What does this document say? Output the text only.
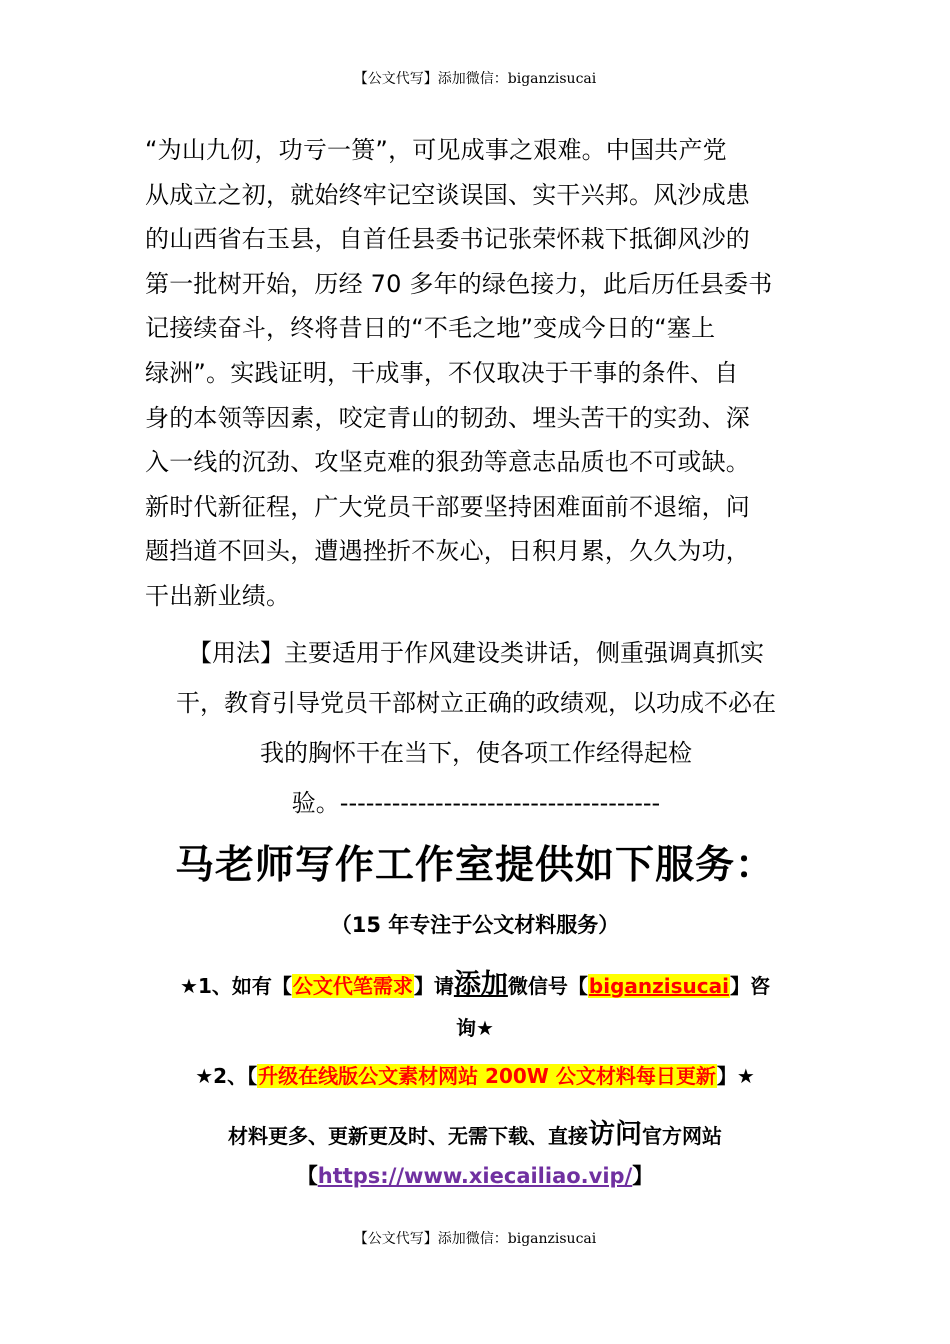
【公文代写】添加微信：biganzisucai
“为山九仞，功亏一篑”，可见成事之艰难。中国共产党
从成立之初，就始终牢记空谈误国、实干兴邦。风沙成患
的山西省右玉县，自首任县委书记张荣怀栽下抵御风沙的
第一批树开始，历经 70 多年的绿色接力，此后历任县委书
记接续奋斗，终将昔日的“不毛之地”变成今日的“塞上
绿洲”。实践证明，干成事，不仅取决于干事的条件、自
身的本领等因素，咬定青山的韧劲、埋头苦干的实劲、深
入一线的沉劲、攻坚克难的狠劲等意志品质也不可或缺。
新时代新征程，广大党员干部要坚持困难面前不退缩，问
题挡道不回头，遭遇挫折不灰心，日积月累，久久为功，
干出新业绩。
【用法】主要适用于作风建设类讲话，侧重强调真抓实
干，教育引导党员干部树立正确的政绩观，以功成不必在
我的胸怀干在当下，使各项工作经得起检
验。-------------------------------------
马老师写作工作室提供如下服务：
（15 年专注于公文材料服务）
★1、如有【公文代笔需求】请添加微信号【biganzisucai】咨
询★
★2、【升级在线版公文素材网站 200W 公文材料每日更新】★
材料更多、更新更及时、无需下载、直接访问官方网站
【https://www.xiecailiao.vip/】
【公文代写】添加微信：biganzisucai
